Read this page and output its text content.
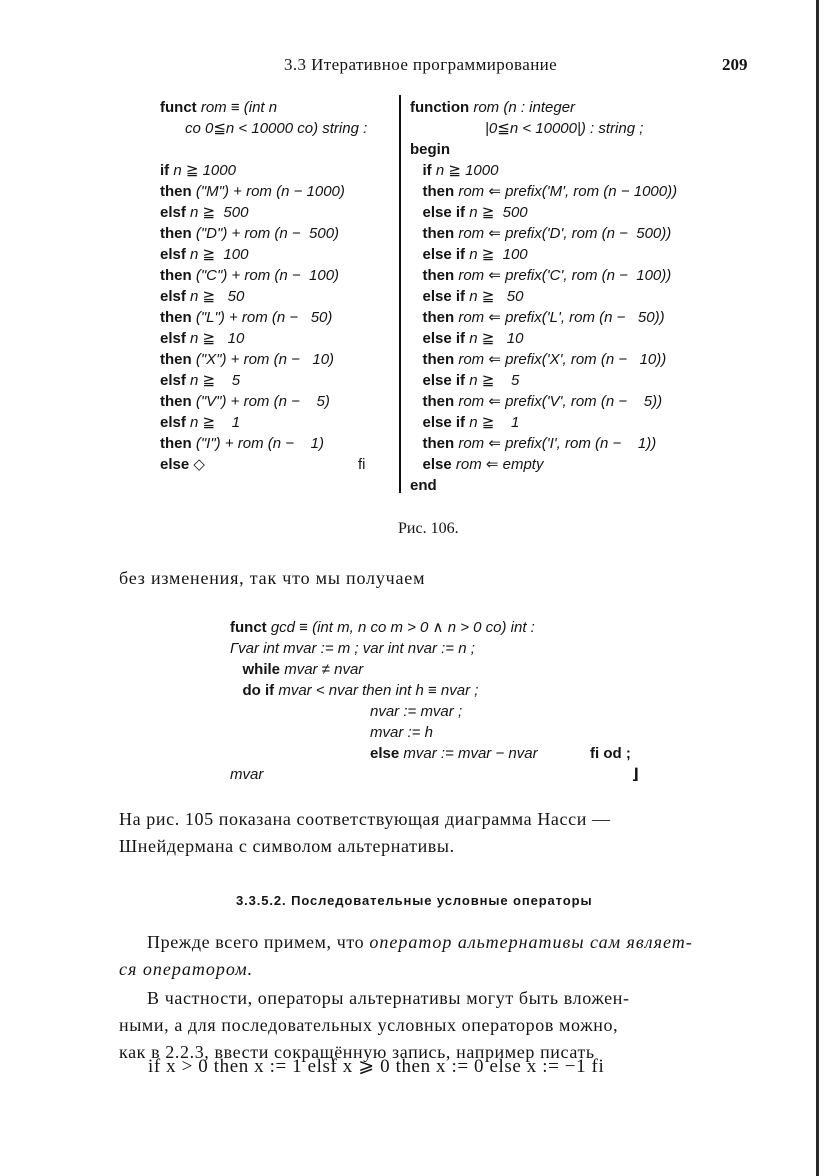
3.3 Итеративное программирование	209
funct rom ≡ (int n
co 0≦n < 10000 co) string :
if n ≧ 1000
then ("M") + rom (n − 1000)
elsf n ≧  500
then ("D") + rom (n −  500)
elsf n ≧  100
then ("C") + rom (n −  100)
elsf n ≧   50
then ("L") + rom (n −   50)
elsf n ≧   10
then ("X") + rom (n −   10)
elsf n ≧    5
then ("V") + rom (n −    5)
elsf n ≧    1
then ("I") + rom (n −    1)
else ◇	fi
function rom (n : integer
|0≦n < 10000|) : string ;
begin
if n ≧ 1000
then rom ⇐ prefix('M', rom (n − 1000))
else if n ≧  500
then rom ⇐ prefix('D', rom (n −  500))
else if n ≧  100
then rom ⇐ prefix('C', rom (n −  100))
else if n ≧   50
then rom ⇐ prefix('L', rom (n −   50))
else if n ≧   10
then rom ⇐ prefix('X', rom (n −   10))
else if n ≧    5
then rom ⇐ prefix('V', rom (n −    5))
else if n ≧    1
then rom ⇐ prefix('I', rom (n −    1))
else rom ⇐ empty
end
Рис. 106.
без изменения, так что мы получаем
funct gcd ≡ (int m, n co m > 0 ∧ n > 0 co) int :
Гvar int mvar := m ; var int nvar := n ;
while mvar ≠ nvar
do if mvar < nvar then int h ≡ nvar ;
nvar := mvar ;
mvar := h
else mvar := mvar − nvar
mvar
fi od ;
⌋
На рис. 105 показана соответствующая диаграмма Насси —
Шнейдермана с символом альтернативы.
3.3.5.2. Последовательные условные операторы
Прежде всего примем, что оператор альтернативы сам являет-
ся оператором.
В частности, операторы альтернативы могут быть вложен-
ными, а для последовательных условных операторов можно,
как в 2.2.3, ввести сокращённую запись, например писать
if x > 0 then x := 1 elsf x ⩾ 0 then x := 0 else x := −1 fi
